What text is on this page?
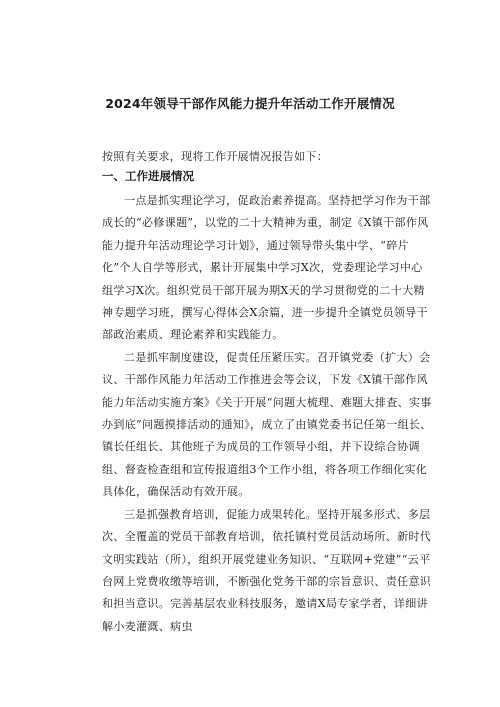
2024年领导干部作风能力提升年活动工作开展情况
按照有关要求，现将工作开展情况报告如下：
一、工作进展情况

一点是抓实理论学习，促政治素养提高。坚持把学习作为干部成长的“必修课题”，以党的二十大精神为重，制定《X镇干部作风能力提升年活动理论学习计划》，通过领导带头集中学、“碎片化”个人自学等形式，累计开展集中学习X次，党委理论学习中心组学习X次。组织党员干部开展为期X天的学习贯彻党的二十大精神专题学习班，撰写心得体会X余篇，进一步提升全镇党员领导干部政治素质、理论素养和实践能力。

二是抓牢制度建设，促责任压紧压实。召开镇党委（扩大）会议、干部作风能力年活动工作推进会等会议，下发《X镇干部作风能力年活动实施方案》《关于开展“问题大梳理、难题大排查、实事办到底”问题摸排活动的通知》，成立了由镇党委书记任第一组长、镇长任组长、其他班子为成员的工作领导小组，并下设综合协调组、督查检查组和宣传报道组3个工作小组，将各项工作细化实化具体化，确保活动有效开展。

三是抓强教育培训，促能力成果转化。坚持开展多形式、多层次、全覆盖的党员干部教育培训，依托镇村党员活动场所、新时代文明实践站（所），组织开展党建业务知识、“互联网+党建”“云平台网上党费收缴等培训，不断强化党务干部的宗旨意识、责任意识和担当意识。完善基层农业科技服务，邀请X局专家学者，详细讲解小麦灌溉、病虫
